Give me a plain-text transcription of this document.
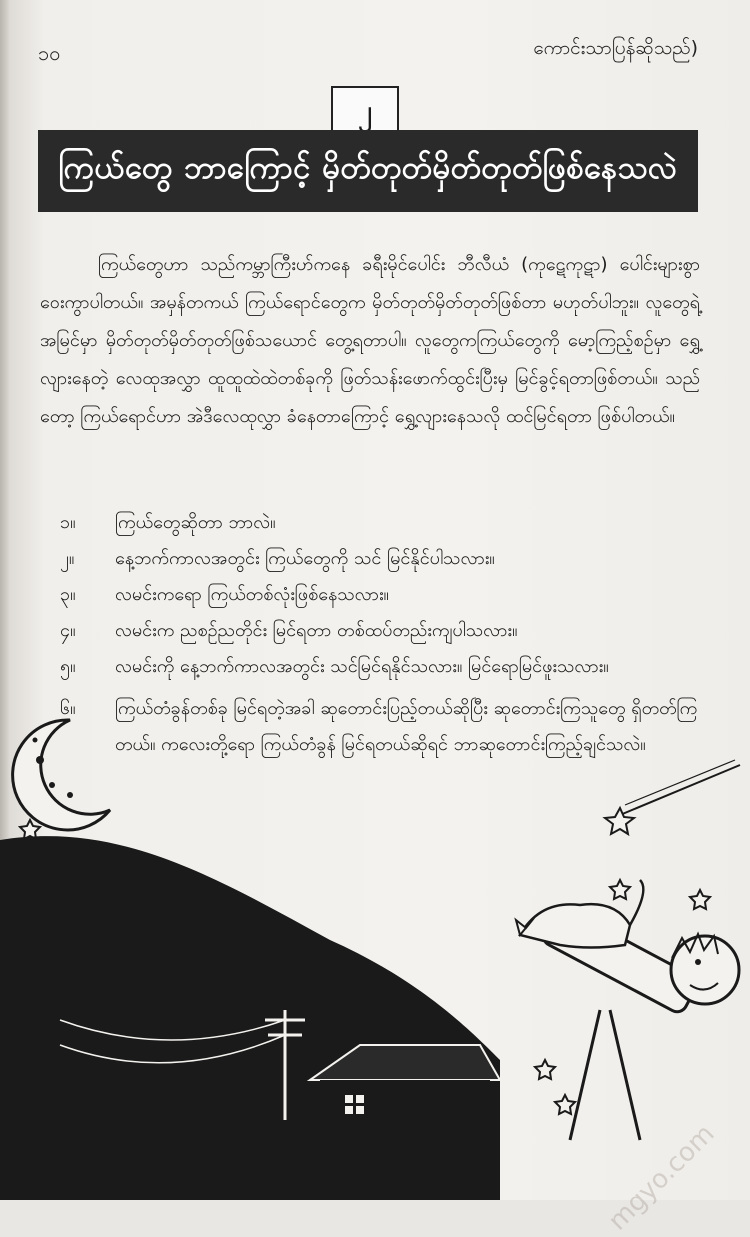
၁၀	ကောင်းသာပြန်ဆိုသည်)
၂
ကြယ်တွေ ဘာကြောင့် မှိတ်တုတ်မှိတ်တုတ်ဖြစ်နေသလဲ

ကြယ်တွေဟာ သည်ကမ္ဘာကြီးဟ်ကနေ ခရီးမိုင်ပေါင်း ဘီလီယံ (ကုဋေကုဋာ) ပေါင်းများစွာ ဝေးကွာပါတယ်။ အမှန်တကယ် ကြယ်ရောင်တွေက မှိတ်တုတ်မှိတ်တုတ်ဖြစ်တာ မဟုတ်ပါဘူး။ လူတွေရဲ့အမြင်မှာ မှိတ်တုတ်မှိတ်တုတ်ဖြစ်သယောင် တွေ့ရတာပါ။ လူတွေကကြယ်တွေကို မော့ကြည့်စဉ်မှာ ရွှေ့လျားနေတဲ့ လေထုအလွှာ ထူထူထဲထဲတစ်ခုကို ဖြတ်သန်းဖောက်ထွင်းပြီးမှ မြင်ခွင့်ရတာဖြစ်တယ်။ သည်တော့ ကြယ်ရောင်ဟာ အဲဒီလေထုလွှာ ခံနေတာကြောင့် ရွှေ့လျားနေသလို ထင်မြင်ရတာ ဖြစ်ပါတယ်။

၁။	ကြယ်တွေဆိုတာ ဘာလဲ။
၂။	နေ့ဘက်ကာလအတွင်း ကြယ်တွေကို သင် မြင်နိုင်ပါသလား။
၃။	လမင်းကရော ကြယ်တစ်လုံးဖြစ်နေသလား။
၄။	လမင်းက ညစဉ်ညတိုင်း မြင်ရတာ တစ်ထပ်တည်းကျပါသလား။
၅။	လမင်းကို နေ့ဘက်ကာလအတွင်း သင်မြင်ရနိုင်သလား။ မြင်ရောမြင်ဖူးသလား။
၆။	ကြယ်တံခွန်တစ်ခု မြင်ရတဲ့အခါ ဆုတောင်းပြည့်တယ်ဆိုပြီး ဆုတောင်းကြသူတွေ ရှိတတ်ကြတယ်။ ကလေးတို့ရော ကြယ်တံခွန် မြင်ရတယ်ဆိုရင် ဘာဆုတောင်းကြည့်ချင်သလဲ။
mgyo.com
